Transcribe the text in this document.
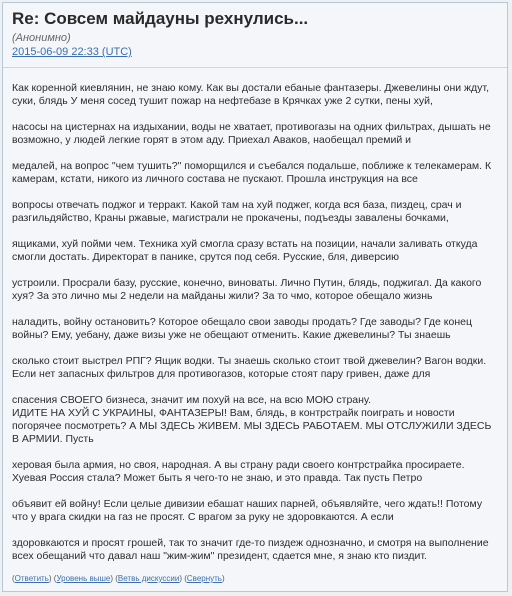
Re: Совсем майдауны рехнулись...
(Анонимно)
2015-06-09 22:33 (UTC)

Как коренной киевлянин, не знаю кому. Как вы достали ебаные фантазеры. Джевелины они ждут, суки, блядь У меня сосед тушит пожар на нефтебазе в Крячках уже 2 сутки, пены хуй,

насосы на цистернах на издыхании, воды не хватает, противогазы на одних фильтрах, дышать не возможно, у людей легкие горят в этом аду. Приехал Аваков, наобещал премий и

медалей, на вопрос "чем тушить?" поморщился и съебался подальше, поближе к телекамерам. К камерам, кстати, никого из личного состава не пускают. Прошла инструкция на все

вопросы отвечать поджог и терракт. Какой там на хуй поджег, когда вся база, пиздец, срач и разгильдяйство, Краны ржавые, магистрали не прокачены, подъезды завалены бочками,

ящиками, хуй пойми чем. Техника хуй смогла сразу встать на позиции, начали заливать откуда смогли достать. Директорат в панике, срутся под себя. Русские, бля, диверсию

устроили. Просрали базу, русские, конечно, виноваты. Лично Путин, блядь, поджигал. Да какого хуя? За это лично мы 2 недели на майданы жили? За то чмо, которое обещало жизнь

наладить, войну остановить? Которое обещало свои заводы продать? Где заводы? Где конец войны? Ему, уебану, даже визы уже не обещают отменить. Какие джевелины? Ты знаешь

сколько стоит выстрел РПГ? Ящик водки. Ты знаешь сколько стоит твой джевелин? Вагон водки. Если нет запасных фильтров для противогазов, которые стоят пару гривен, даже для

спасения СВОЕГО бизнеса, значит им похуй на все, на всю МОЮ страну.

ИДИТЕ НА ХУЙ С УКРАИНЫ, ФАНТАЗЕРЫ! Вам, блядь, в контрстрайк поиграть и новости погорячее посмотреть? А МЫ ЗДЕСЬ ЖИВЕМ. МЫ ЗДЕСЬ РАБОТАЕМ. МЫ ОТСЛУЖИЛИ ЗДЕСЬ В АРМИИ. Пусть

херовая была армия, но своя, народная. А вы страну ради своего контрстрайка просираете. Хуевая Россия стала? Может быть я чего-то не знаю, и это правда. Так пусть Петро

объявит ей войну! Если целые дивизии ебашат наших парней, объявляйте, чего ждать!! Потому что у врага скидки на газ не просят. С врагом за руку не здоровкаются. А если

здоровкаются и просят грошей, так то значит где-то пиздеж однозначно, и смотря на выполнение всех обещаний что давал наш "жим-жим" президент, сдается мне, я знаю кто пиздит.

(Ответить) (Уровень выше) (Ветвь дискуссии) (Свернуть)
